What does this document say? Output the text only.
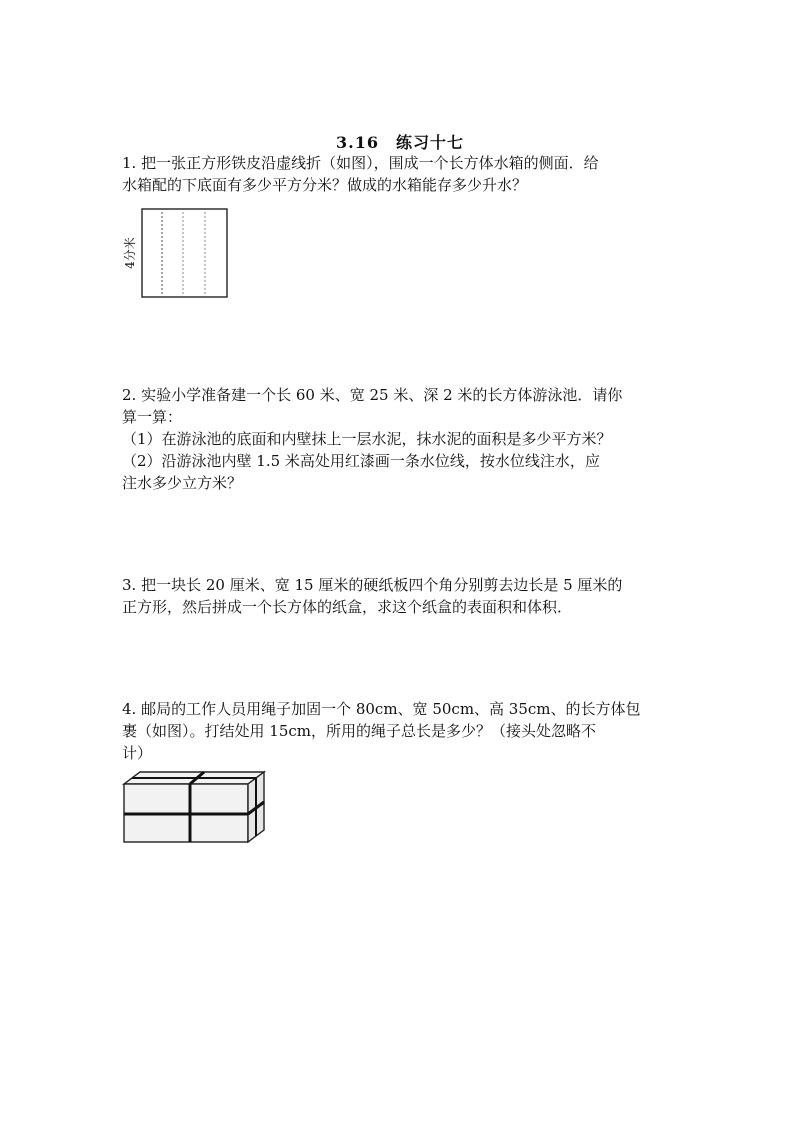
3.16　练习十七
1. 把一张正方形铁皮沿虚线折（如图），围成一个长方体水箱的侧面．给
水箱配的下底面有多少平方分米？做成的水箱能存多少升水？
4分米
2. 实验小学准备建一个长 60 米、宽 25 米、深 2 米的长方体游泳池．请你
算一算：
（1）在游泳池的底面和内壁抹上一层水泥，抹水泥的面积是多少平方米？
（2）沿游泳池内壁 1.5 米高处用红漆画一条水位线，按水位线注水，应
注水多少立方米？
3. 把一块长 20 厘米、宽 15 厘米的硬纸板四个角分别剪去边长是 5 厘米的
正方形，然后拼成一个长方体的纸盒，求这个纸盒的表面积和体积．
4. 邮局的工作人员用绳子加固一个 80cm、宽 50cm、高 35cm、的长方体包
裹（如图）。打结处用 15cm，所用的绳子总长是多少？（接头处忽略不
计）
